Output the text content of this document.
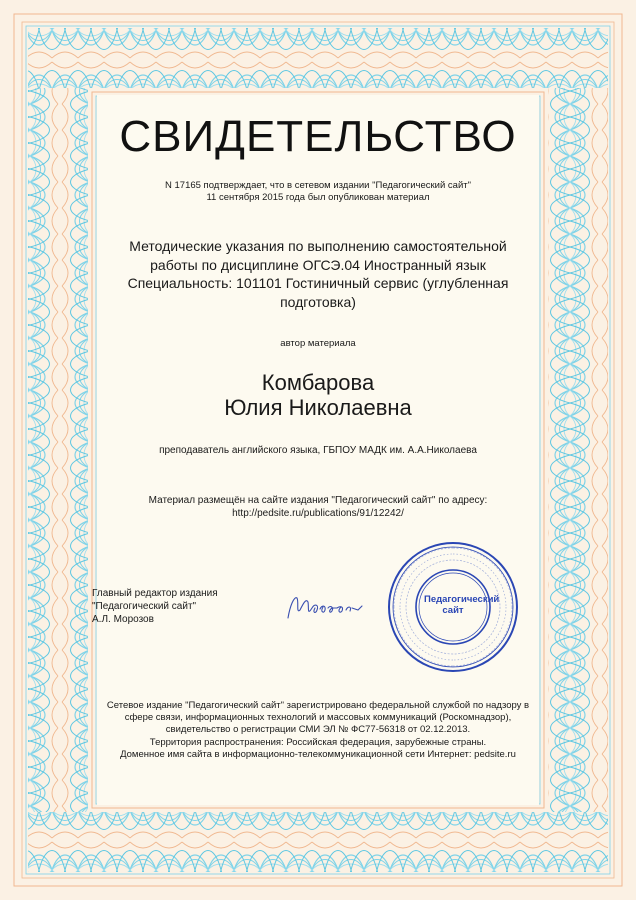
СВИДЕТЕЛЬСТВО
N 17165 подтверждает, что в сетевом издании "Педагогический сайт"
11 сентября 2015 года был опубликован материал
Методические указания по выполнению самостоятельной
работы по дисциплине ОГСЭ.04 Иностранный язык
Специальность: 101101 Гостиничный сервис (углубленная
подготовка)
автор материала
Комбарова
Юлия Николаевна
преподаватель английского языка, ГБПОУ МАДК им. А.А.Николаева
Материал размещён на сайте издания "Педагогический сайт" по адресу:
http://pedsite.ru/publications/91/12242/
Главный редактор издания
"Педагогический сайт"
А.Л. Морозов
Педагогический
сайт
Сетевое издание "Педагогический сайт" зарегистрировано федеральной службой по надзору в
сфере связи, информационных технологий и массовых коммуникаций (Роскомнадзор),
свидетельство о регистрации СМИ ЭЛ № ФС77-56318 от 02.12.2013.
Территория распространения: Российская федерация, зарубежные страны.
Доменное имя сайта в информационно-телекоммуникационной сети Интернет: pedsite.ru
